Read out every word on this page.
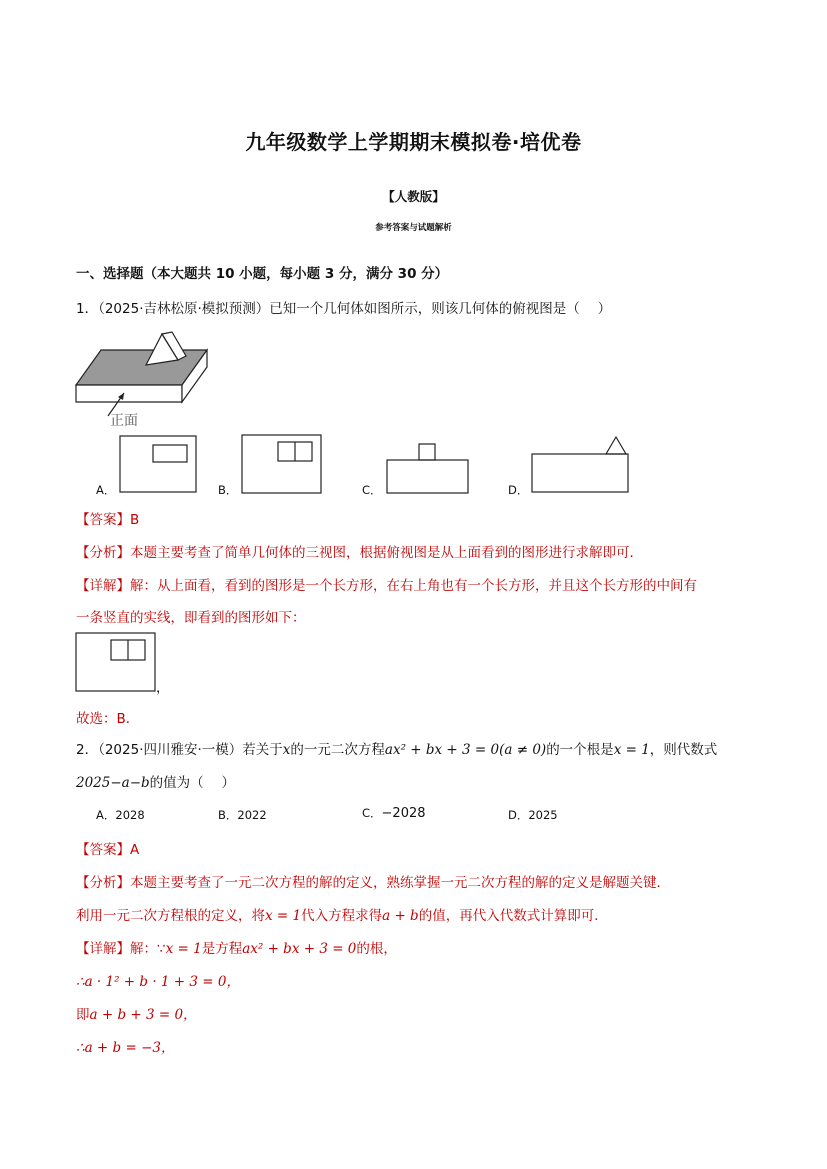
九年级数学上学期期末模拟卷·培优卷
【人教版】
参考答案与试题解析
一、选择题（本大题共 10 小题，每小题 3 分，满分 30 分）
1．（2025·吉林松原·模拟预测）已知一个几何体如图所示，则该几何体的俯视图是（　 ）
正面
A．	B．	C．	D．
【答案】B
【分析】本题主要考查了简单几何体的三视图，根据俯视图是从上面看到的图形进行求解即可．
【详解】解：从上面看，看到的图形是一个长方形，在右上角也有一个长方形，并且这个长方形的中间有
一条竖直的实线，即看到的图形如下：
，
故选：B．
2．（2025·四川雅安·一模）若关于x的一元二次方程ax² + bx + 3 = 0(a ≠ 0)的一个根是x = 1，则代数式
2025−a−b的值为（　 ）
A．2028	B．2022	C．−2028	D．2025
【答案】A
【分析】本题主要考查了一元二次方程的解的定义，熟练掌握一元二次方程的解的定义是解题关键．
利用一元二次方程根的定义，将x = 1代入方程求得a + b的值，再代入代数式计算即可．
【详解】解：∵x = 1是方程ax² + bx + 3 = 0的根，
∴a · 1² + b · 1 + 3 = 0，
即a + b + 3 = 0，
∴a + b = −3，
